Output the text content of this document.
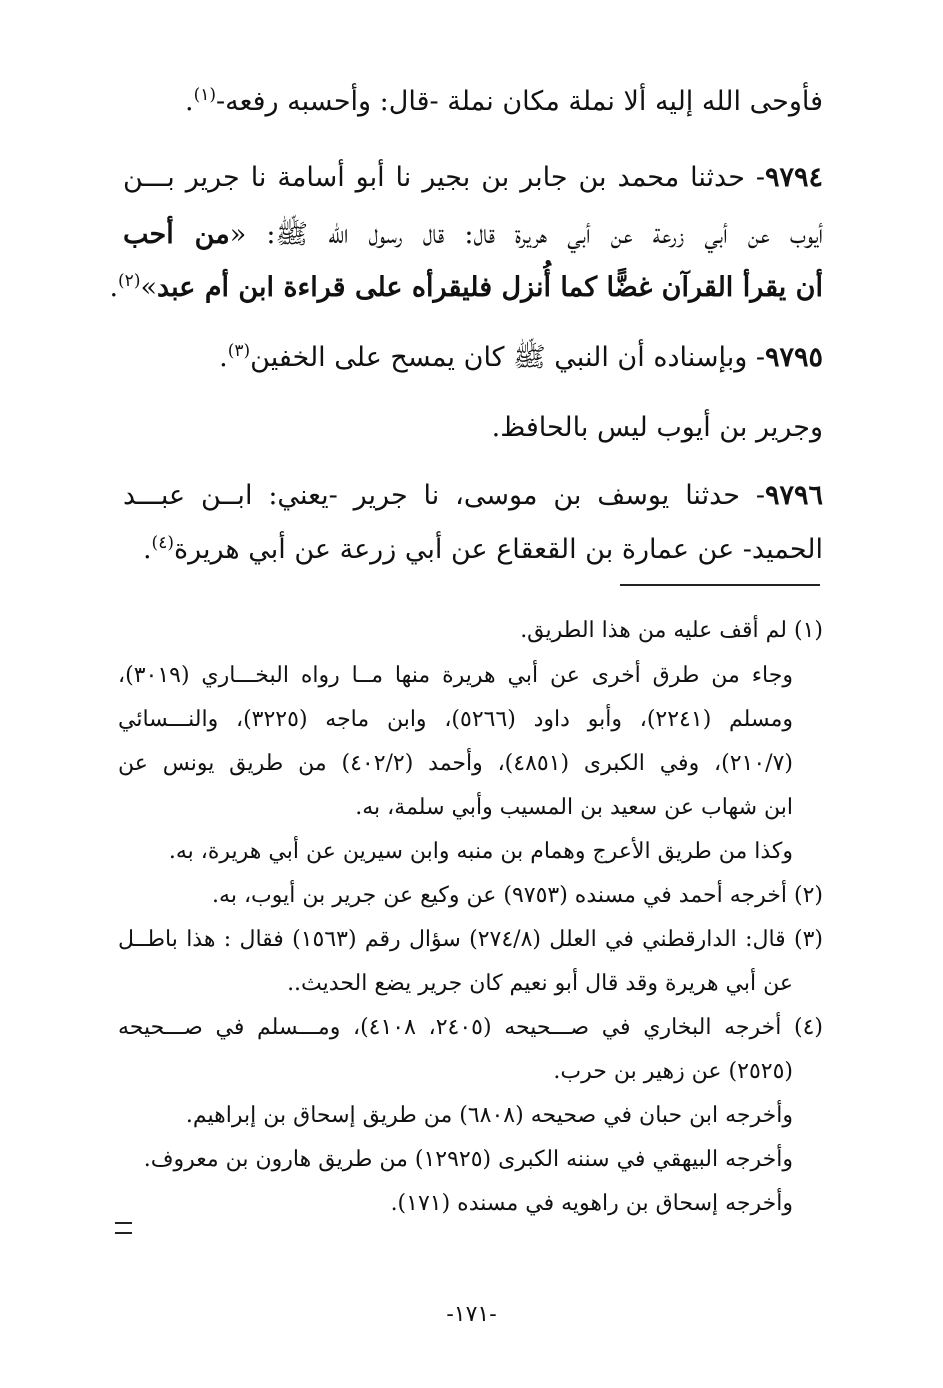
فأوحى الله إليه ألا نملة مكان نملة -قال: وأحسبه رفعه-$^{(١)}$.
٩٧٩٤- حدثنا محمد بن جابر بن بجير نا أبو أسامة نا جرير بـــن
أيوب عن أبي زرعة عن أبي هريرة قال: قال رسول الله ﷺ: «من أحب
أن يقرأ القرآن غضًّا كما أُنزل فليقرأه على قراءة ابن أم عبد»$^{(٢)}$.
٩٧٩٥- وبإسناده أن النبي ﷺ كان يمسح على الخفين$^{(٣)}$.
وجرير بن أيوب ليس بالحافظ.
٩٧٩٦- حدثنا يوسف بن موسى، نا جرير -يعني: ابــن عبـــد
الحميد- عن عمارة بن القعقاع عن أبي زرعة عن أبي هريرة$^{(٤)}$.
(١) لم أقف عليه من هذا الطريق.
وجاء من طرق أخرى عن أبي هريرة منها مــا رواه البخـــاري (٣٠١٩)،
ومسلم (٢٢٤١)، وأبو داود (٥٢٦٦)، وابن ماجه (٣٢٢٥)، والنـــسائي
(٢١٠/٧)، وفي الكبرى (٤٨٥١)، وأحمد (٤٠٢/٢) من طريق يونس عن
ابن شهاب عن سعيد بن المسيب وأبي سلمة، به.
وكذا من طريق الأعرج وهمام بن منبه وابن سيرين عن أبي هريرة، به.
(٢) أخرجه أحمد في مسنده (٩٧٥٣) عن وكيع عن جرير بن أيوب، به.
(٣) قال: الدارقطني في العلل (٢٧٤/٨) سؤال رقم (١٥٦٣) فقال : هذا باطــل
عن أبي هريرة وقد قال أبو نعيم كان جرير يضع الحديث..
(٤) أخرجه البخاري في صـــحيحه (٢٤٠٥، ٤١٠٨)، ومـــسلم في صـــحيحه
(٢٥٢٥) عن زهير بن حرب.
وأخرجه ابن حبان في صحيحه (٦٨٠٨) من طريق إسحاق بن إبراهيم.
وأخرجه البيهقي في سننه الكبرى (١٢٩٢٥) من طريق هارون بن معروف.
وأخرجه إسحاق بن راهويه في مسنده (١٧١).
-١٧١-
